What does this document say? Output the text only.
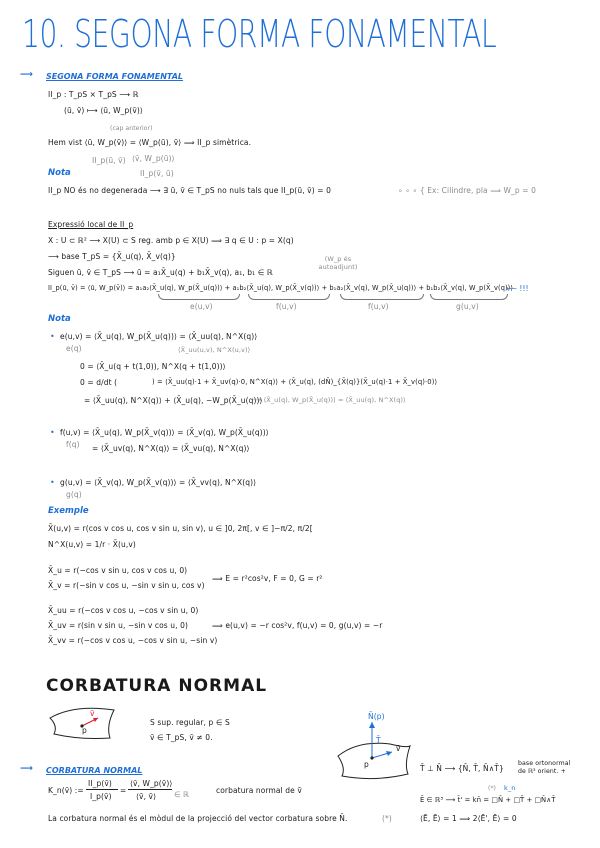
10. SEGONA FORMA FONAMENTAL
⟶ SEGONA FORMA FONAMENTAL
ΙΙ_p : T_pS × T_pS ⟶ ℝ
(ū, v̄) ⟼ ⟨ū, W_p(v̄)⟩
(cap anterior)
Hem vist ⟨ū, W_p(v̄)⟩ = ⟨W_p(ū), v̄⟩ ⟹ ΙΙ_p simètrica.
ΙΙ_p(ū, v̄) ⟨v̄, W_p(ū)⟩
ΙΙ_p(v̄, ū)
Nota
ΙΙ_p NO és no degenerada ⟶ ∃ ū, v̄ ∈ T_pS no nuls tals que ΙΙ_p(ū, v̄) = 0	∘ ∘ ∘ { Ex: Cilindre, pla ⟹ W_p = 0
Expressió local de ΙΙ_p
X : U ⊂ ℝ² ⟶ X(U) ⊂ S reg. amb p ∈ X(U) ⟹ ∃ q ∈ U : p = X(q)
⟶ base T_pS = {X̄_u(q), X̄_v(q)}	(W_p és autoadjunt)
Siguen ū, v̄ ∈ T_pS ⟶ ū = a₁X̄_u(q) + b₁X̄_v(q), a₁, b₁ ∈ ℝ
ΙΙ_p(ū, v̄) = ⟨ū, W_p(v̄)⟩ = a₁a₂⟨X̄_u(q), W_p(X̄_u(q))⟩ + a₁b₂⟨X̄_u(q), W_p(X̄_v(q))⟩ + b₁a₂⟨X̄_v(q), W_p(X̄_u(q))⟩ + b₁b₂⟨X̄_v(q), W_p(X̄_v(q))⟩
⟵ !!!
e(u,v)	f(u,v)	f(u,v)	g(u,v)
Nota
• e(u,v) = ⟨X̄_u(q), W_p(X̄_u(q))⟩ = ⟨X̄_uu(q), N^X(q)⟩
e(q)	⟨X̄_uu(u,v), N^X(u,v)⟩
0 = ⟨X̄_u(q + t(1,0)), N^X(q + t(1,0))⟩
0 = d/dt (	) = ⟨X̄_uu(q)·1 + X̄_uv(q)·0, N^X(q)⟩ + ⟨X̄_u(q), (dN̄)_{X̄(q)}(X̄_u(q)·1 + X̄_v(q)·0)⟩
= ⟨X̄_uu(q), N^X(q)⟩ + ⟨X̄_u(q), −W_p(X̄_u(q))⟩
⟶ ⟨X̄_u(q), W_p(X̄_u(q))⟩ = ⟨X̄_uu(q), N^X(q)⟩
• f(u,v) = ⟨X̄_u(q), W_p(X̄_v(q))⟩ = ⟨X̄_v(q), W_p(X̄_u(q))⟩
f(q) = ⟨X̄_uv(q), N^X(q)⟩ = ⟨X̄_vu(q), N^X(q)⟩
• g(u,v) = ⟨X̄_v(q), W_p(X̄_v(q))⟩ = ⟨X̄_vv(q), N^X(q)⟩
g(q)
Exemple
X̄(u,v) = r(cos v cos u, cos v sin u, sin v), u ∈ ]0, 2π[, v ∈ ]−π/2, π/2[
N^X(u,v) = 1/r · X̄(u,v)
X̄_u = r(−cos v sin u, cos v cos u, 0)
X̄_v = r(−sin v cos u, −sin v sin u, cos v)
⟹ E = r²cos²v, F = 0, G = r²
X̄_uu = r(−cos v cos u, −cos v sin u, 0)
X̄_uv = r(sin v sin u, −sin v cos u, 0)
X̄_vv = r(−cos v cos u, −cos v sin u, −sin v)
⟹ e(u,v) = −r cos²v, f(u,v) = 0, g(u,v) = −r
CORBATURA NORMAL
v̄
p
S sup. regular, p ∈ S
v̄ ∈ T_pS, v̄ ≠ 0.
N̄(p)
T̄
v̄
p
⟶ CORBATURA NORMAL
K_n(v̄) :=
ΙΙ_p(v̄)
Ι_p(v̄)
=
⟨v̄, W_p(v̄)⟩
⟨v̄, v̄⟩ ∈ ℝ	corbatura normal de v̄
La corbatura normal és el mòdul de la projecció del vector corbatura sobre N̄.	(*)
T̄ ⊥ N̄ ⟶ {N̄, T̄, N̄∧T̄}
base ortonormal de ℝ³ orient. +
(*) k_n
Ē ∈ ℝ³ ⟶ t̄' = kn̄ = □N̄ + □T̄ + □N̄∧T̄
⟨Ē, Ē⟩ = 1 ⟹ 2⟨Ē', Ē⟩ = 0
